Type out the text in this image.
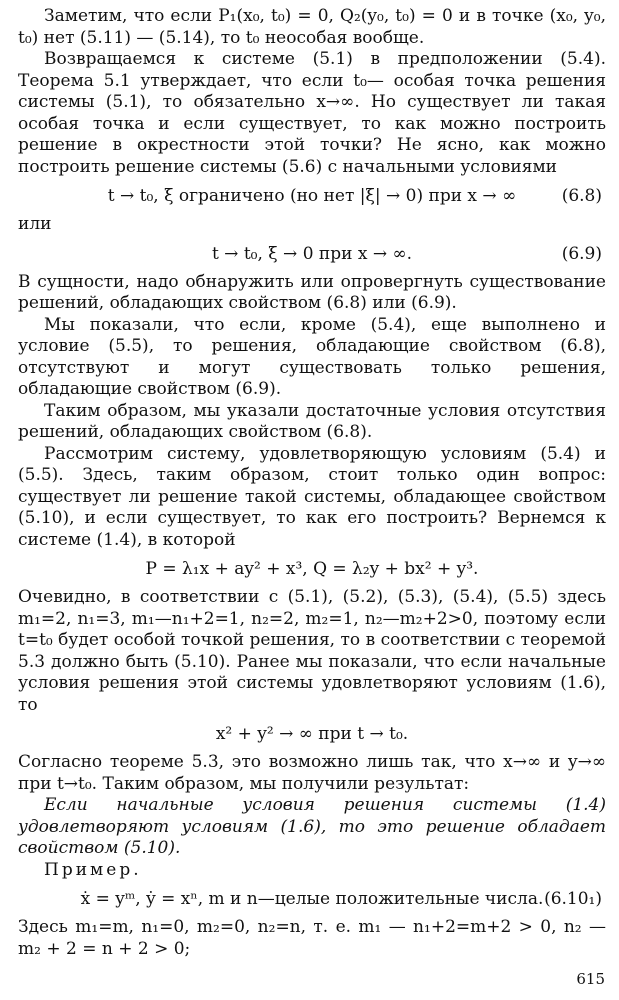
Заметим, что если P₁(x₀, t₀) = 0, Q₂(y₀, t₀) = 0 и в точке (x₀, y₀, t₀) нет (5.11) — (5.14), то t₀ неособая вообще.

Возвращаемся к системе (5.1) в предположении (5.4). Теорема 5.1 утверждает, что если t₀— особая точка решения системы (5.1), то обязательно x→∞. Но существует ли такая особая точка и если существует, то как можно построить решение в окрестности этой точки? Не ясно, как можно построить решение системы (5.6) с начальными условиями

t → t₀, ξ ограничено (но нет |ξ| → 0) при x → ∞	(6.8)

или

t → t₀, ξ → 0 при x → ∞.	(6.9)

В сущности, надо обнаружить или опровергнуть существование решений, обладающих свойством (6.8) или (6.9).

Мы показали, что если, кроме (5.4), еще выполнено и условие (5.5), то решения, обладающие свойством (6.8), отсутствуют и могут существовать только решения, обладающие свойством (6.9).

Таким образом, мы указали достаточные условия отсутствия решений, обладающих свойством (6.8).

Рассмотрим систему, удовлетворяющую условиям (5.4) и (5.5). Здесь, таким образом, стоит только один вопрос: существует ли решение такой системы, обладающее свойством (5.10), и если существует, то как его построить? Вернемся к системе (1.4), в которой

P = λ₁x + ay² + x³, Q = λ₂y + bx² + y³.

Очевидно, в соответствии с (5.1), (5.2), (5.3), (5.4), (5.5) здесь m₁=2, n₁=3, m₁—n₁+2=1, n₂=2, m₂=1, n₂—m₂+2>0, поэтому если t=t₀ будет особой точкой решения, то в соответствии с теоремой 5.3 должно быть (5.10). Ранее мы показали, что если начальные условия решения этой системы удовлетворяют условиям (1.6), то

x² + y² → ∞ при t → t₀.

Согласно теореме 5.3, это возможно лишь так, что x→∞ и y→∞ при t→t₀. Таким образом, мы получили результат:

Если начальные условия решения системы (1.4) удовлетворяют условиям (1.6), то это решение обладает свойством (5.10).

Пример.

ẋ = yᵐ, ẏ = xⁿ, m и n—целые положительные числа. (6.10₁)

Здесь m₁=m, n₁=0, m₂=0, n₂=n, т. е. m₁ — n₁+2=m+2 > 0, n₂ — m₂ + 2 = n + 2 > 0;

615
